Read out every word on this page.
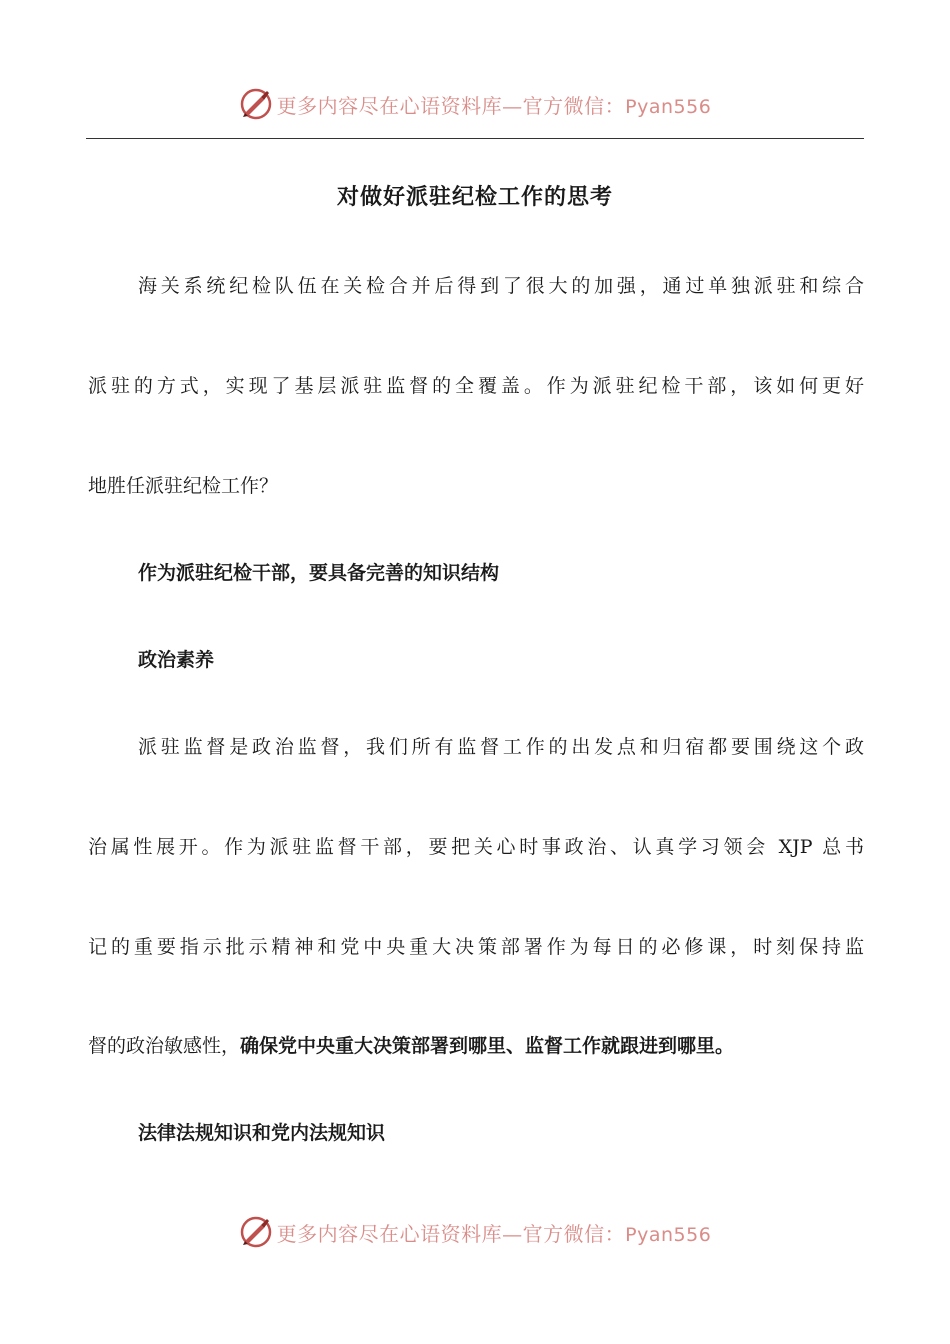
更多内容尽在心语资料库—官方微信：Pyan556
对做好派驻纪检工作的思考
海关系统纪检队伍在关检合并后得到了很大的加强，通过单独派驻和综合
派驻的方式，实现了基层派驻监督的全覆盖。作为派驻纪检干部，该如何更好
地胜任派驻纪检工作？
作为派驻纪检干部，要具备完善的知识结构
政治素养
派驻监督是政治监督，我们所有监督工作的出发点和归宿都要围绕这个政
治属性展开。作为派驻监督干部，要把关心时事政治、认真学习领会 XJP 总书
记的重要指示批示精神和党中央重大决策部署作为每日的必修课，时刻保持监
督的政治敏感性，确保党中央重大决策部署到哪里、监督工作就跟进到哪里。
法律法规知识和党内法规知识
更多内容尽在心语资料库—官方微信：Pyan556
